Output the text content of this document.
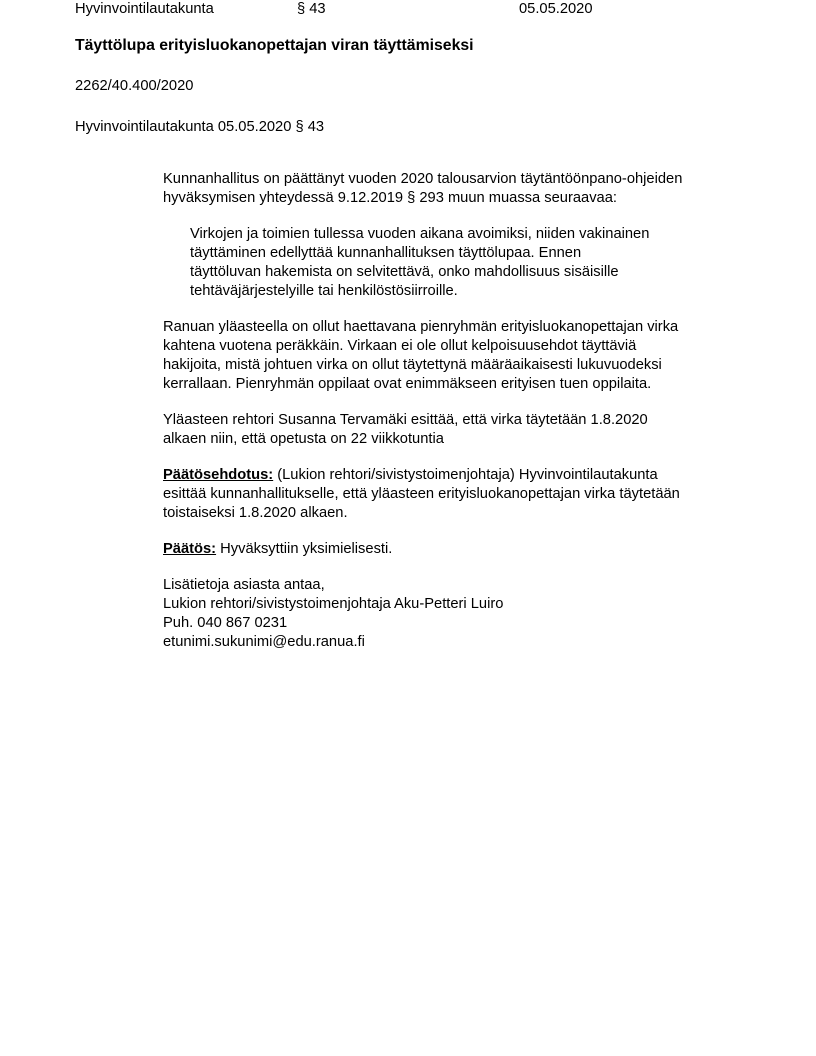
Hyvinvointilautakunta	§ 43	05.05.2020
Täyttölupa erityisluokanopettajan viran täyttämiseksi
2262/40.400/2020
Hyvinvointilautakunta 05.05.2020 § 43
Kunnanhallitus on päättänyt vuoden 2020 talousarvion täytäntöönpano-ohjeiden
hyväksymisen yhteydessä 9.12.2019 § 293 muun muassa seuraavaa:
Virkojen ja toimien tullessa vuoden aikana avoimiksi, niiden vakinainen
täyttäminen edellyttää kunnanhallituksen täyttölupaa. Ennen
täyttöluvan hakemista on selvitettävä, onko mahdollisuus sisäisille
tehtäväjärjestelyille tai henkilöstösiirroille.
Ranuan yläasteella on ollut haettavana pienryhmän erityisluokanopettajan virka
kahtena vuotena peräkkäin. Virkaan ei ole ollut kelpoisuusehdot täyttäviä
hakijoita, mistä johtuen virka on ollut täytettynä määräaikaisesti lukuvuodeksi
kerrallaan. Pienryhmän oppilaat ovat enimmäkseen erityisen tuen oppilaita.
Yläasteen rehtori Susanna Tervamäki esittää, että virka täytetään 1.8.2020
alkaen niin, että opetusta on 22 viikkotuntia
Päätösehdotus: (Lukion rehtori/sivistystoimenjohtaja) Hyvinvointilautakunta
esittää kunnanhallitukselle, että yläasteen erityisluokanopettajan virka täytetään
toistaiseksi 1.8.2020 alkaen.
Päätös: Hyväksyttiin yksimielisesti.
Lisätietoja asiasta antaa,
Lukion rehtori/sivistystoimenjohtaja Aku-Petteri Luiro
Puh. 040 867 0231
etunimi.sukunimi@edu.ranua.fi
